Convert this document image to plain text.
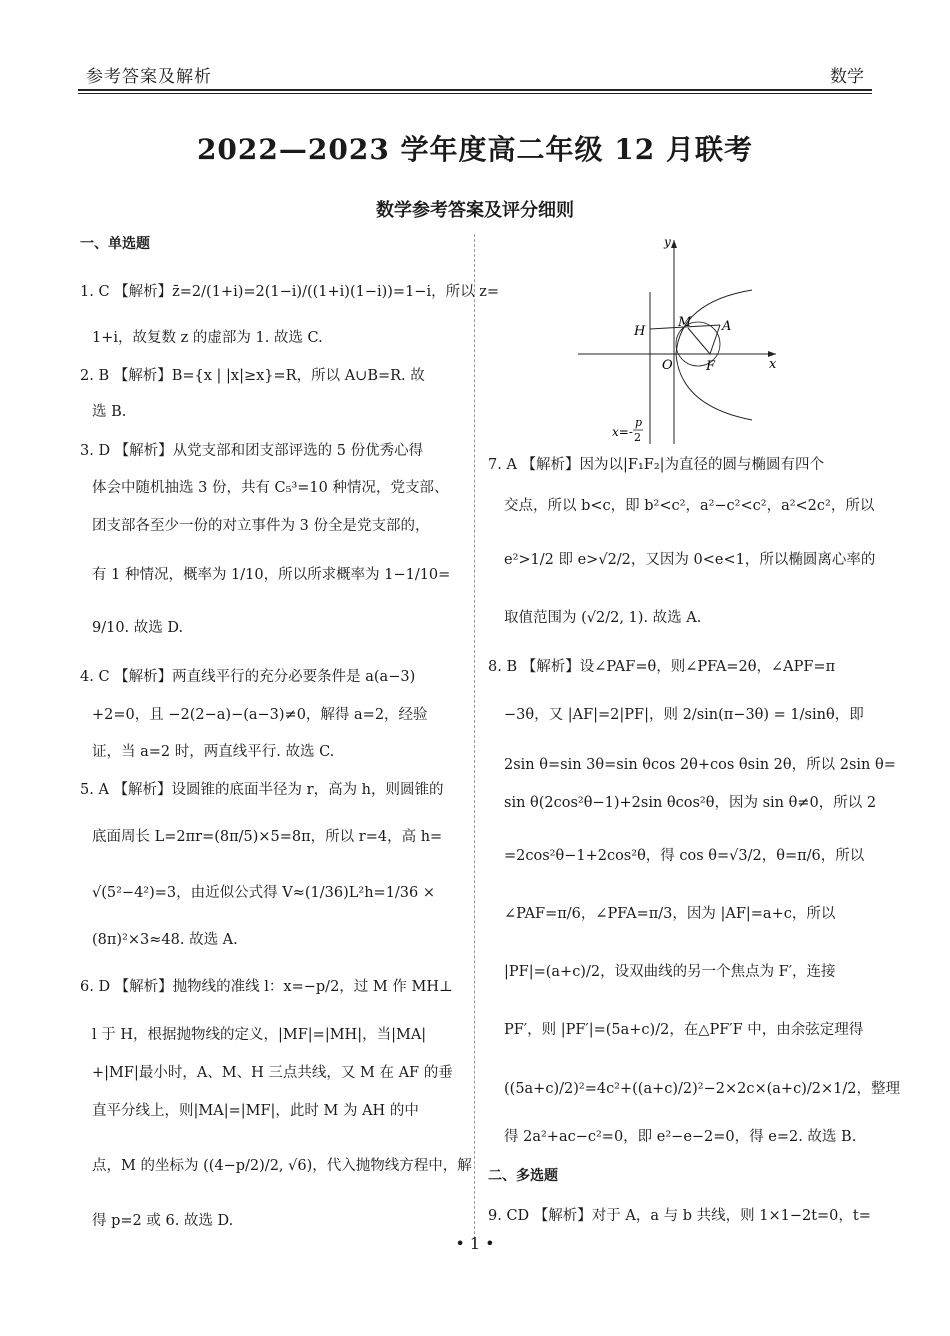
参考答案及解析	数学
2022—2023 学年度高二年级 12 月联考
数学参考答案及评分细则
一、单选题
1. C 【解析】z̄=2/(1+i)=2(1−i)/((1+i)(1−i))=1−i，所以 z=
1+i，故复数 z 的虚部为 1. 故选 C.
2. B 【解析】B={x | |x|≥x}=R，所以 A∪B=R. 故
选 B.
3. D 【解析】从党支部和团支部评选的 5 份优秀心得
体会中随机抽选 3 份，共有 C₅³=10 种情况，党支部、
团支部各至少一份的对立事件为 3 份全是党支部的，
有 1 种情况，概率为 1/10，所以所求概率为 1−1/10=
9/10. 故选 D.
4. C 【解析】两直线平行的充分必要条件是 a(a−3)
+2=0，且 −2(2−a)−(a−3)≠0，解得 a=2，经验
证，当 a=2 时，两直线平行. 故选 C.
5. A 【解析】设圆锥的底面半径为 r，高为 h，则圆锥的
底面周长 L=2πr=(8π/5)×5=8π，所以 r=4，高 h=
√(5²−4²)=3，由近似公式得 V≈(1/36)L²h=1/36 ×
(8π)²×3≈48. 故选 A.
6. D 【解析】抛物线的准线 l：x=−p/2，过 M 作 MH⊥
l 于 H，根据抛物线的定义，|MF|=|MH|，当|MA|
+|MF|最小时，A、M、H 三点共线，又 M 在 AF 的垂
直平分线上，则|MA|=|MF|，此时 M 为 AH 的中
点，M 的坐标为 ((4−p/2)/2, √6)，代入抛物线方程中，解
得 p=2 或 6. 故选 D.
y
x
O	F
H
M A
x=-
p
2
7. A 【解析】因为以|F₁F₂|为直径的圆与椭圆有四个
交点，所以 b<c，即 b²<c²，a²−c²<c²，a²<2c²，所以
e²>1/2 即 e>√2/2，又因为 0<e<1，所以椭圆离心率的
取值范围为 (√2/2, 1). 故选 A.
8. B 【解析】设∠PAF=θ，则∠PFA=2θ，∠APF=π
−3θ，又 |AF|=2|PF|，则 2/sin(π−3θ) = 1/sinθ，即
2sin θ=sin 3θ=sin θcos 2θ+cos θsin 2θ，所以 2sin θ=
sin θ(2cos²θ−1)+2sin θcos²θ，因为 sin θ≠0，所以 2
=2cos²θ−1+2cos²θ，得 cos θ=√3/2，θ=π/6，所以
∠PAF=π/6，∠PFA=π/3，因为 |AF|=a+c，所以
|PF|=(a+c)/2，设双曲线的另一个焦点为 F′，连接
PF′，则 |PF′|=(5a+c)/2，在△PF′F 中，由余弦定理得
((5a+c)/2)²=4c²+((a+c)/2)²−2×2c×(a+c)/2×1/2，整理
得 2a²+ac−c²=0，即 e²−e−2=0，得 e=2. 故选 B.
二、多选题
9. CD 【解析】对于 A，a 与 b 共线，则 1×1−2t=0，t=
• 1 •
